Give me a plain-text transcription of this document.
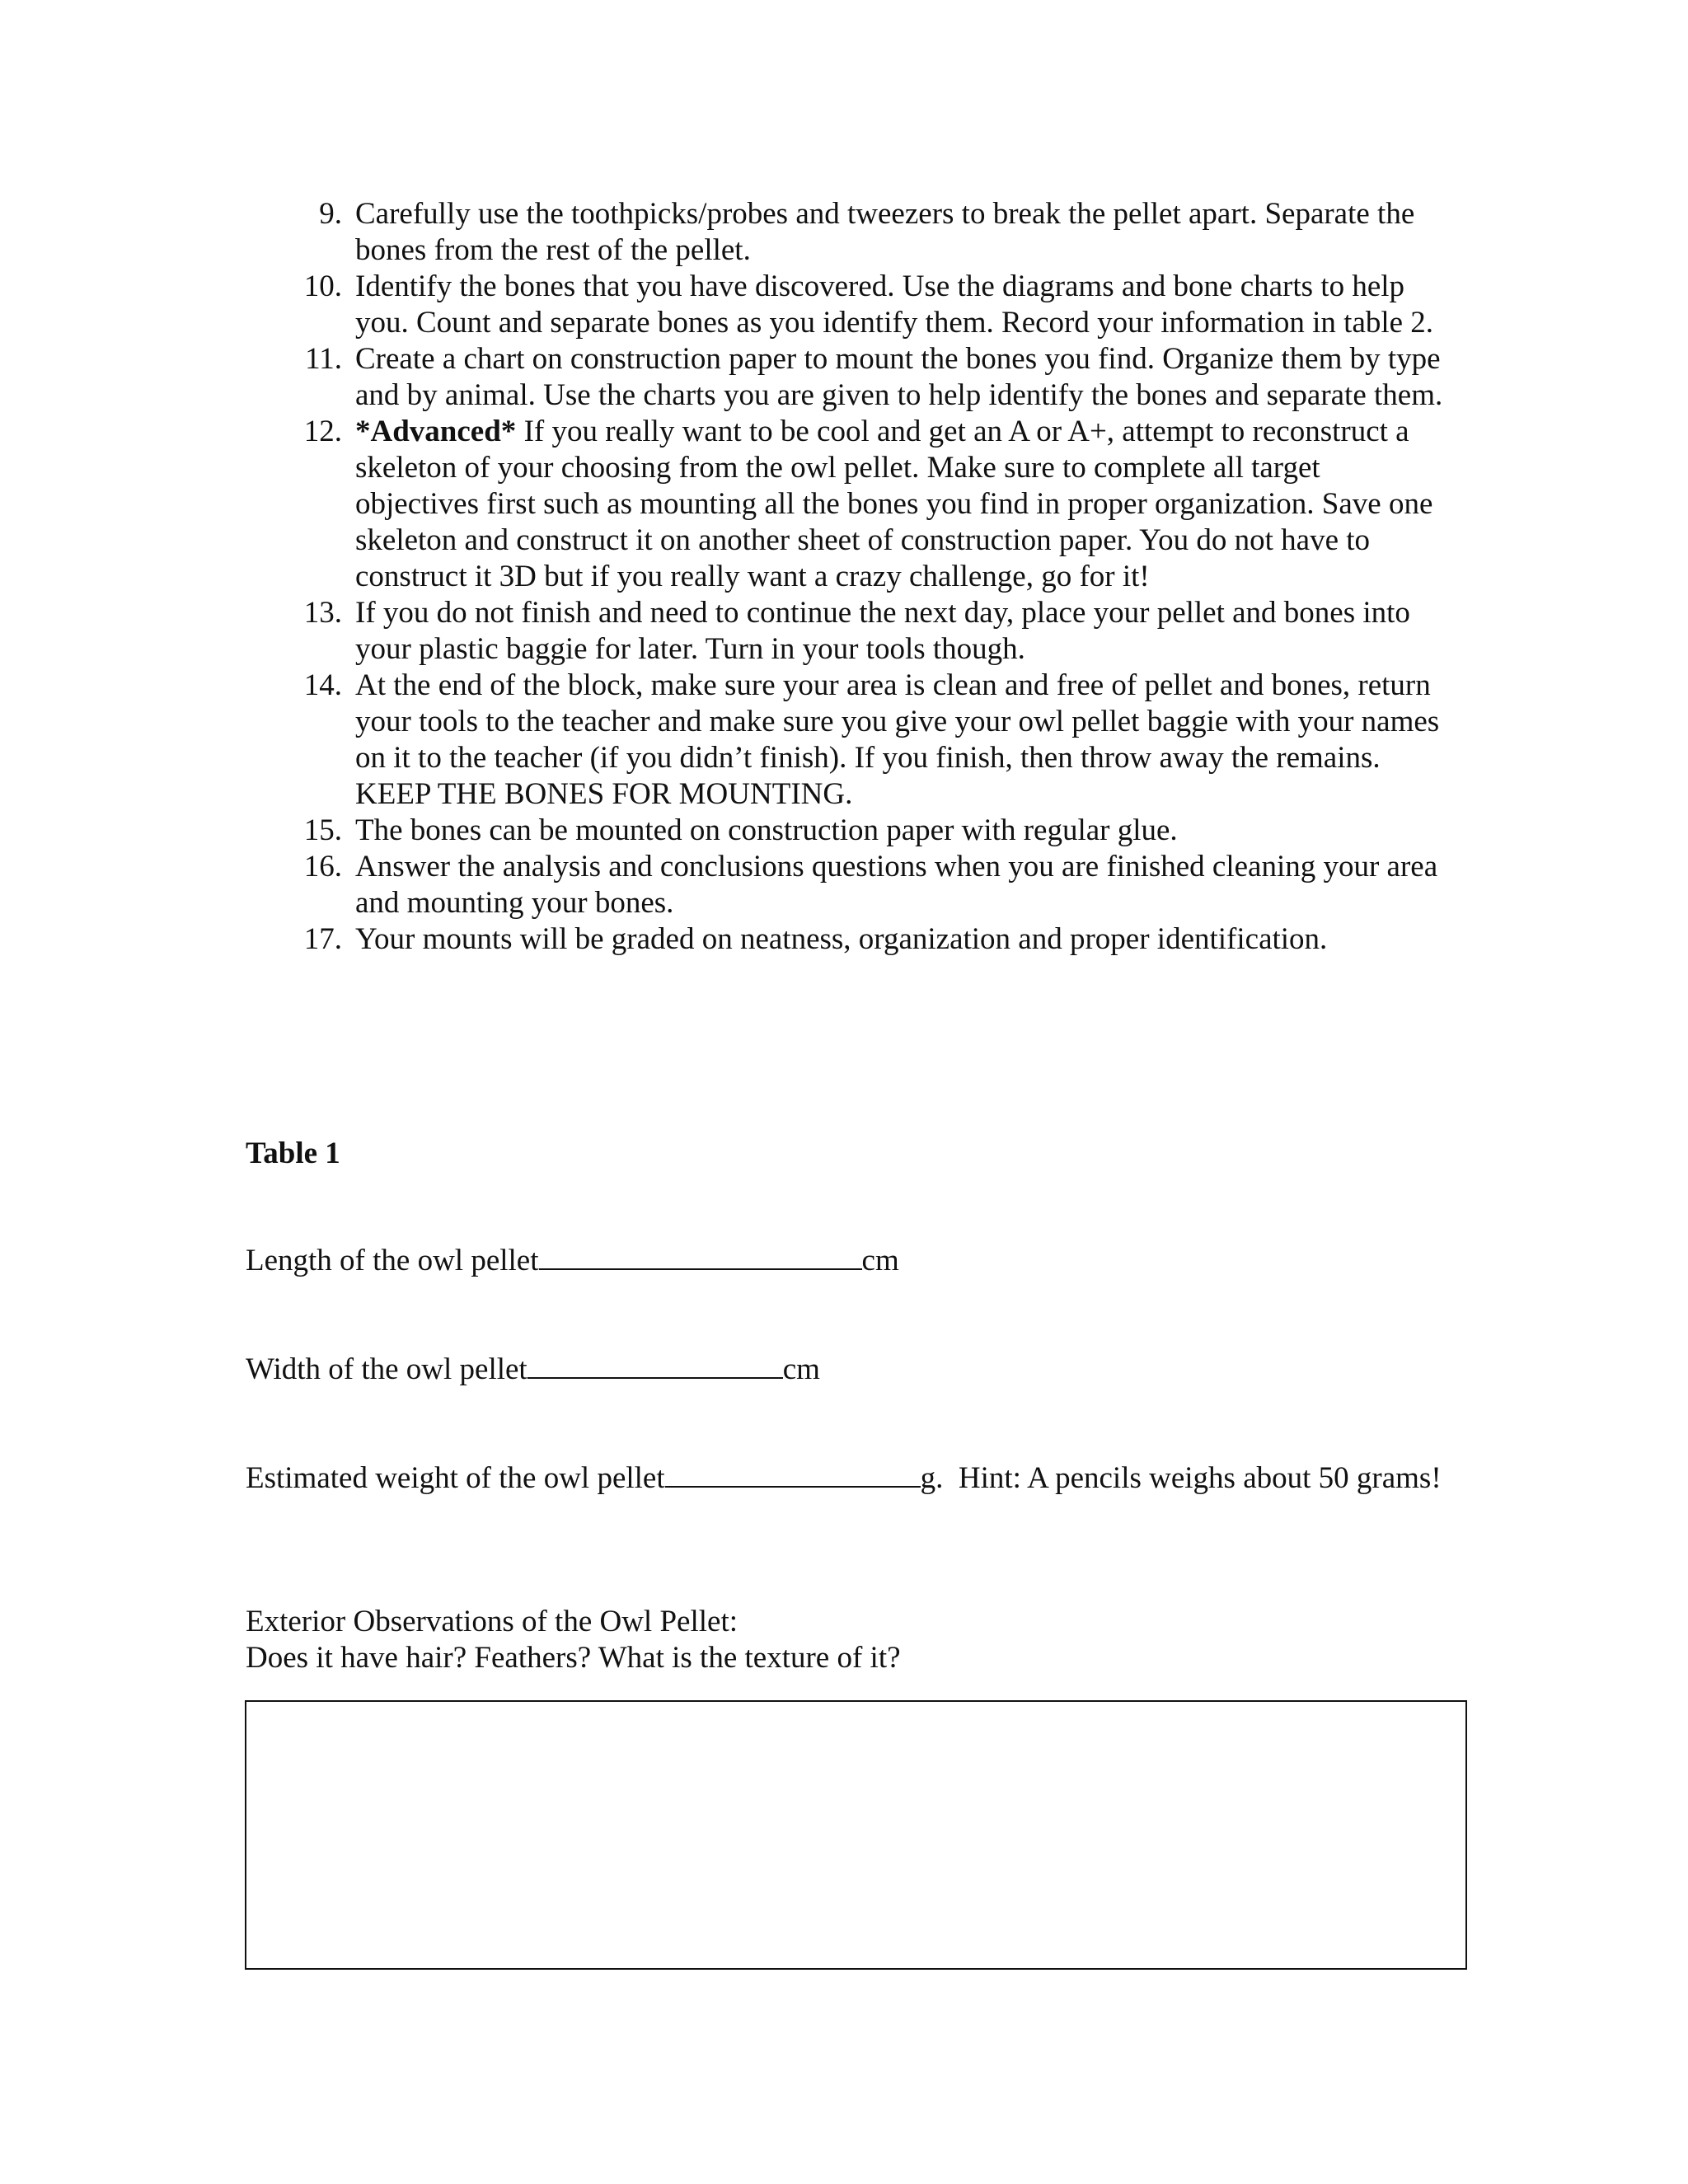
9. Carefully use the toothpicks/probes and tweezers to break the pellet apart. Separate the bones from the rest of the pellet.
10. Identify the bones that you have discovered. Use the diagrams and bone charts to help you. Count and separate bones as you identify them. Record your information in table 2.
11. Create a chart on construction paper to mount the bones you find. Organize them by type and by animal. Use the charts you are given to help identify the bones and separate them.
12. *Advanced* If you really want to be cool and get an A or A+, attempt to reconstruct a skeleton of your choosing from the owl pellet. Make sure to complete all target objectives first such as mounting all the bones you find in proper organization. Save one skeleton and construct it on another sheet of construction paper. You do not have to construct it 3D but if you really want a crazy challenge, go for it!
13. If you do not finish and need to continue the next day, place your pellet and bones into your plastic baggie for later. Turn in your tools though.
14. At the end of the block, make sure your area is clean and free of pellet and bones, return your tools to the teacher and make sure you give your owl pellet baggie with your names on it to the teacher (if you didn’t finish). If you finish, then throw away the remains. KEEP THE BONES FOR MOUNTING.
15. The bones can be mounted on construction paper with regular glue.
16. Answer the analysis and conclusions questions when you are finished cleaning your area and mounting your bones.
17. Your mounts will be graded on neatness, organization and proper identification.
Table 1
Length of the owl pellet	cm
Width of the owl pellet	cm
Estimated weight of the owl pellet	g.  Hint: A pencils weighs about 50 grams!
Exterior Observations of the Owl Pellet:
Does it have hair? Feathers? What is the texture of it?
